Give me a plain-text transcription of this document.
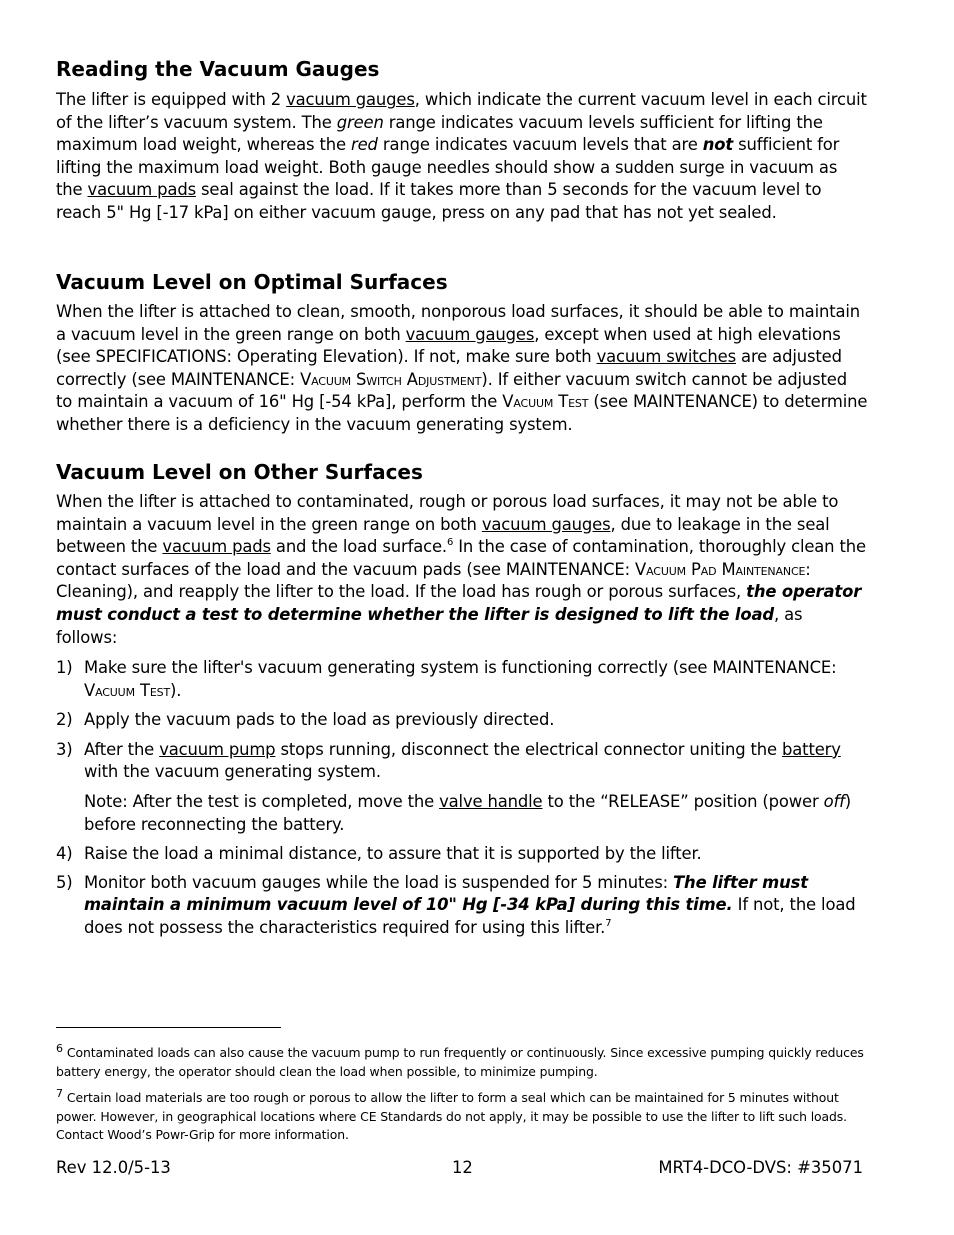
Reading the Vacuum Gauges

The lifter is equipped with 2 vacuum gauges, which indicate the current vacuum level in each circuit of the lifter’s vacuum system. The green range indicates vacuum levels sufficient for lifting the maximum load weight, whereas the red range indicates vacuum levels that are not sufficient for lifting the maximum load weight. Both gauge needles should show a sudden surge in vacuum as the vacuum pads seal against the load. If it takes more than 5 seconds for the vacuum level to reach 5" Hg [-17 kPa] on either vacuum gauge, press on any pad that has not yet sealed.

Vacuum Level on Optimal Surfaces

When the lifter is attached to clean, smooth, nonporous load surfaces, it should be able to maintain a vacuum level in the green range on both vacuum gauges, except when used at high elevations (see SPECIFICATIONS: Operating Elevation). If not, make sure both vacuum switches are adjusted correctly (see MAINTENANCE: Vacuum Switch Adjustment). If either vacuum switch cannot be adjusted to maintain a vacuum of 16" Hg [-54 kPa], perform the Vacuum Test (see MAINTENANCE) to determine whether there is a deficiency in the vacuum generating system.

Vacuum Level on Other Surfaces

When the lifter is attached to contaminated, rough or porous load surfaces, it may not be able to maintain a vacuum level in the green range on both vacuum gauges, due to leakage in the seal between the vacuum pads and the load surface.$^6$ In the case of contamination, thoroughly clean the contact surfaces of the load and the vacuum pads (see MAINTENANCE: Vacuum Pad Maintenance: Cleaning), and reapply the lifter to the load. If the load has rough or porous surfaces, the operator must conduct a test to determine whether the lifter is designed to lift the load, as follows:

1) Make sure the lifter's vacuum generating system is functioning correctly (see MAINTENANCE: Vacuum Test).
2) Apply the vacuum pads to the load as previously directed.
3) After the vacuum pump stops running, disconnect the electrical connector uniting the battery with the vacuum generating system.
Note: After the test is completed, move the valve handle to the “RELEASE” position (power off) before reconnecting the battery.
4) Raise the load a minimal distance, to assure that it is supported by the lifter.
5) Monitor both vacuum gauges while the load is suspended for 5 minutes: The lifter must maintain a minimum vacuum level of 10" Hg [-34 kPa] during this time. If not, the load does not possess the characteristics required for using this lifter.$^7$
$^6$ Contaminated loads can also cause the vacuum pump to run frequently or continuously. Since excessive pumping quickly reduces battery energy, the operator should clean the load when possible, to minimize pumping.
$^7$ Certain load materials are too rough or porous to allow the lifter to form a seal which can be maintained for 5 minutes without power. However, in geographical locations where CE Standards do not apply, it may be possible to use the lifter to lift such loads. Contact Wood’s Powr-Grip for more information.
Rev 12.0/5-13	12	MRT4-DCO-DVS: #35071
